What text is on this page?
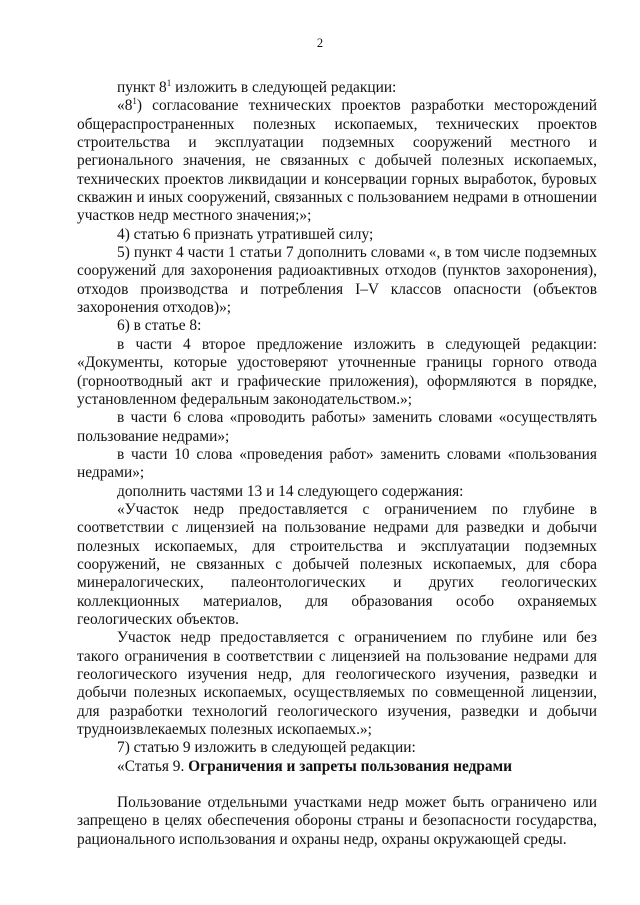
2

пункт $8^1$ изложить в следующей редакции:

«$8^1$) согласование технических проектов разработки месторождений общераспространенных полезных ископаемых, технических проектов строительства и эксплуатации подземных сооружений местного и регионального значения, не связанных с добычей полезных ископаемых, технических проектов ликвидации и консервации горных выработок, буровых скважин и иных сооружений, связанных с пользованием недрами в отношении участков недр местного значения;»;

4) статью 6 признать утратившей силу;

5) пункт 4 части 1 статьи 7 дополнить словами «, в том числе подземных сооружений для захоронения радиоактивных отходов (пунктов захоронения), отходов производства и потребления I–V классов опасности (объектов захоронения отходов)»;

6) в статье 8:

в части 4 второе предложение изложить в следующей редакции: «Документы, которые удостоверяют уточненные границы горного отвода (горноотводный акт и графические приложения), оформляются в порядке, установленном федеральным законодательством.»;

в части 6 слова «проводить работы» заменить словами «осуществлять пользование недрами»;

в части 10 слова «проведения работ» заменить словами «пользования недрами»;

дополнить частями 13 и 14 следующего содержания:

«Участок недр предоставляется с ограничением по глубине в соответствии с лицензией на пользование недрами для разведки и добычи полезных ископаемых, для строительства и эксплуатации подземных сооружений, не связанных с добычей полезных ископаемых, для сбора минералогических, палеонтологических и других геологических коллекционных материалов, для образования особо охраняемых геологических объектов.

Участок недр предоставляется с ограничением по глубине или без такого ограничения в соответствии с лицензией на пользование недрами для геологического изучения недр, для геологического изучения, разведки и добычи полезных ископаемых, осуществляемых по совмещенной лицензии, для разработки технологий геологического изучения, разведки и добычи трудноизвлекаемых полезных ископаемых.»;

7) статью 9 изложить в следующей редакции:

«Статья 9. Ограничения и запреты пользования недрами

Пользование отдельными участками недр может быть ограничено или запрещено в целях обеспечения обороны страны и безопасности государства, рационального использования и охраны недр, охраны окружающей среды.
